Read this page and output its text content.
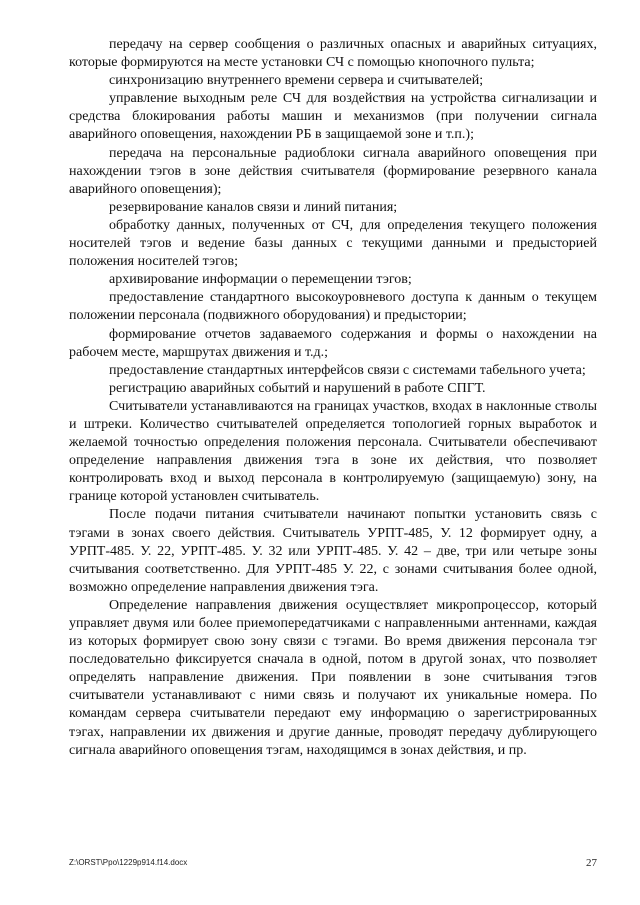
передачу на сервер сообщения о различных опасных и аварийных ситуациях, которые формируются на месте установки СЧ с помощью кнопочного пульта;

синхронизацию внутреннего времени сервера и считывателей;

управление выходным реле СЧ для воздействия на устройства сигнализации и средства блокирования работы машин и механизмов (при получении сигнала аварийного оповещения, нахождении РБ в защищаемой зоне и т.п.);

передача на персональные радиоблоки сигнала аварийного оповещения при нахождении тэгов в зоне действия считывателя (формирование резервного канала аварийного оповещения);

резервирование каналов связи и линий питания;

обработку данных, полученных от СЧ, для определения текущего положения носителей тэгов и ведение базы данных с текущими данными и предысторией положения носителей тэгов;

архивирование информации о перемещении тэгов;

предоставление стандартного высокоуровневого доступа к данным о текущем положении персонала (подвижного оборудования) и предыстории;

формирование отчетов задаваемого содержания и формы о нахождении на рабочем месте, маршрутах движения и т.д.;

предоставление стандартных интерфейсов связи с системами табельного учета;

регистрацию аварийных событий и нарушений в работе СПГТ.

Считыватели устанавливаются на границах участков, входах в наклонные стволы и штреки. Количество считывателей определяется топологией горных выработок и желаемой точностью определения положения персонала. Считыватели обеспечивают определение направления движения тэга в зоне их действия, что позволяет контролировать вход и выход персонала в контролируемую (защищаемую) зону, на границе которой установлен считыватель.

После подачи питания считыватели начинают попытки установить связь с тэгами в зонах своего действия. Считыватель УРПТ-485, У. 12 формирует одну, а УРПТ-485. У. 22, УРПТ-485. У. 32 или УРПТ-485. У. 42 – две, три или четыре зоны считывания соответственно. Для УРПТ-485 У. 22, с зонами считывания более одной, возможно определение направления движения тэга.

Определение направления движения осуществляет микропроцессор, который управляет двумя или более приемопередатчиками с направленными антеннами, каждая из которых формирует свою зону связи с тэгами. Во время движения персонала тэг последовательно фиксируется сначала в одной, потом в другой зонах, что позволяет определять направление движения. При появлении в зоне считывания тэгов считыватели устанавливают с ними связь и получают их уникальные номера. По командам сервера считыватели передают ему информацию о зарегистрированных тэгах, направлении их движения и другие данные, проводят передачу дублирующего сигнала аварийного оповещения тэгам, находящимся в зонах действия, и пр.

Z:\ORST\Ppo\1229p914.f14.docx	27
